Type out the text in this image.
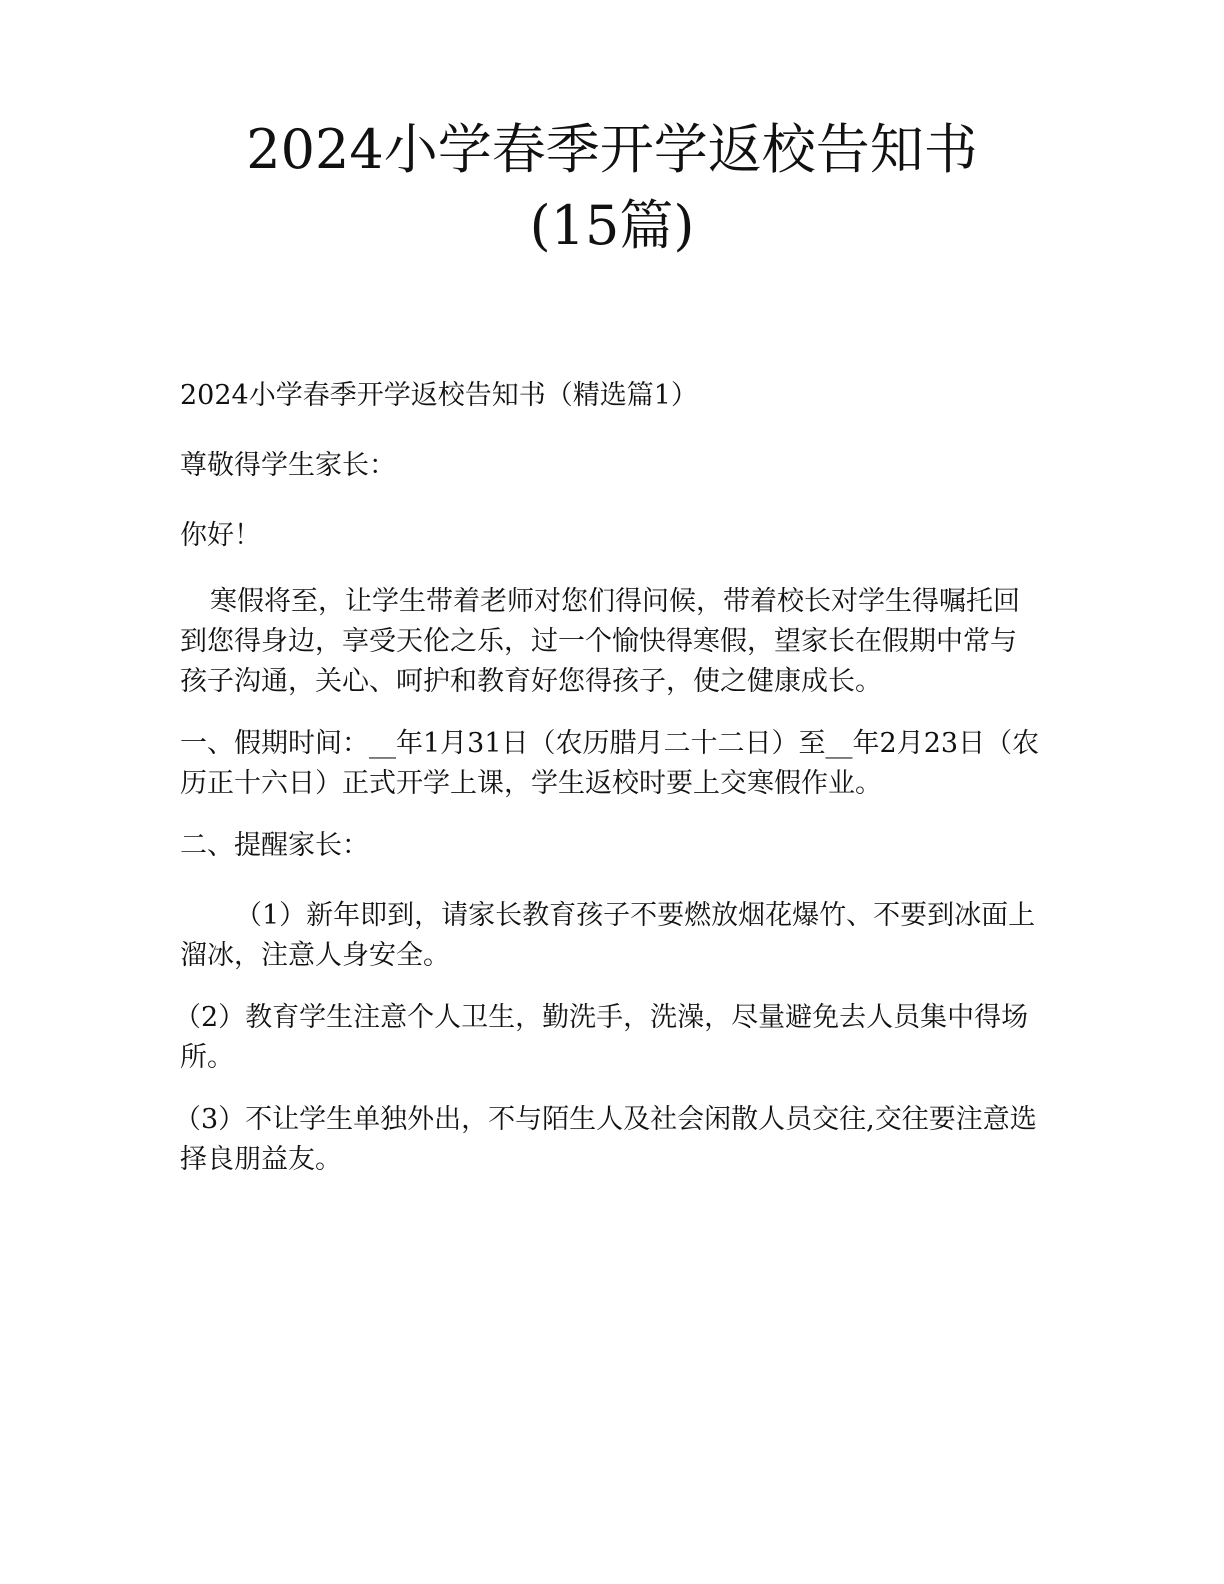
2024小学春季开学返校告知书
(15篇)

2024小学春季开学返校告知书（精选篇1）

尊敬得学生家长：

你好！

寒假将至，让学生带着老师对您们得问候，带着校长对学生得嘱托回到您得身边，享受天伦之乐，过一个愉快得寒假，望家长在假期中常与孩子沟通，关心、呵护和教育好您得孩子，使之健康成长。

一、假期时间：__年1月31日（农历腊月二十二日）至__年2月23日（农历正十六日）正式开学上课，学生返校时要上交寒假作业。

二、提醒家长：

（1）新年即到，请家长教育孩子不要燃放烟花爆竹、不要到冰面上溜冰，注意人身安全。

（2）教育学生注意个人卫生，勤洗手，洗澡，尽量避免去人员集中得场所。

（3）不让学生单独外出，不与陌生人及社会闲散人员交往,交往要注意选择良朋益友。
